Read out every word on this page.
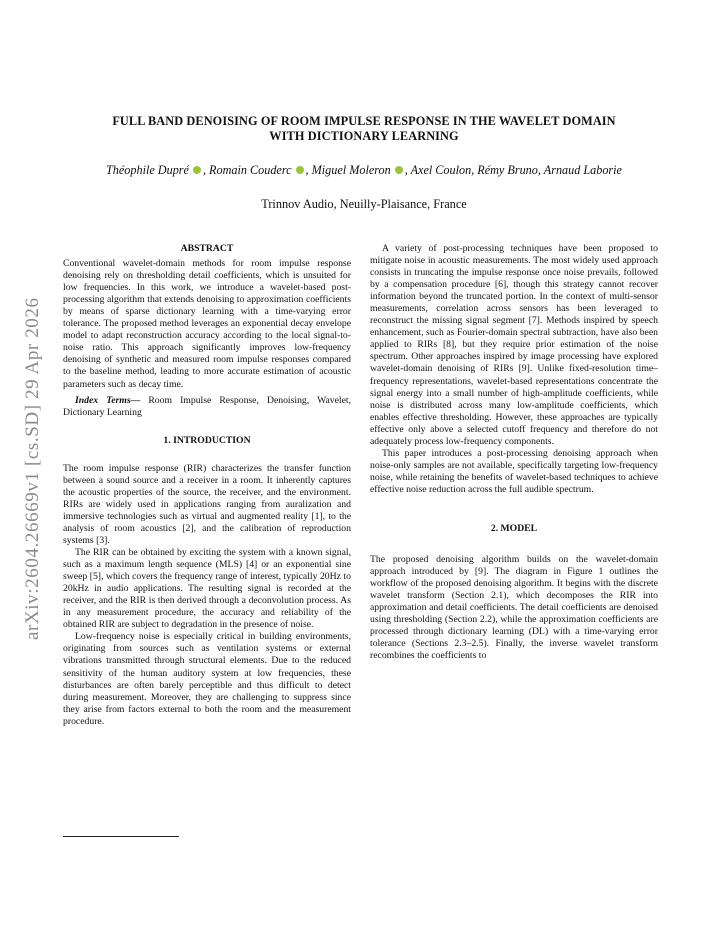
arXiv:2604.26669v1 [cs.SD] 29 Apr 2026
FULL BAND DENOISING OF ROOM IMPULSE RESPONSE IN THE WAVELET DOMAIN
WITH DICTIONARY LEARNING
Théophile Dupré , Romain Couderc , Miguel Moleron , Axel Coulon, Rémy Bruno, Arnaud Laborie
Trinnov Audio, Neuilly-Plaisance, France
ABSTRACT

Conventional wavelet-domain methods for room impulse response denoising rely on thresholding detail coefficients, which is unsuited for low frequencies. In this work, we introduce a wavelet-based post-processing algorithm that extends denoising to approximation coefficients by means of sparse dictionary learning with a time-varying error tolerance. The proposed method leverages an exponential decay envelope model to adapt reconstruction accuracy according to the local signal-to-noise ratio. This approach significantly improves low-frequency denoising of synthetic and measured room impulse responses compared to the baseline method, leading to more accurate estimation of acoustic parameters such as decay time.

Index Terms— Room Impulse Response, Denoising, Wavelet, Dictionary Learning

1. INTRODUCTION

The room impulse response (RIR) characterizes the transfer function between a sound source and a receiver in a room. It inherently captures the acoustic properties of the source, the receiver, and the environment. RIRs are widely used in applications ranging from auralization and immersive technologies such as virtual and augmented reality [1], to the analysis of room acoustics [2], and the calibration of reproduction systems [3].

The RIR can be obtained by exciting the system with a known signal, such as a maximum length sequence (MLS) [4] or an exponential sine sweep [5], which covers the frequency range of interest, typically 20Hz to 20kHz in audio applications. The resulting signal is recorded at the receiver, and the RIR is then derived through a deconvolution process. As in any measurement procedure, the accuracy and reliability of the obtained RIR are subject to degradation in the presence of noise.

Low-frequency noise is especially critical in building environments, originating from sources such as ventilation systems or external vibrations transmitted through structural elements. Due to the reduced sensitivity of the human auditory system at low frequencies, these disturbances are often barely perceptible and thus difficult to detect during measurement. Moreover, they are challenging to suppress since they arise from factors external to both the room and the measurement procedure.

A variety of post-processing techniques have been proposed to mitigate noise in acoustic measurements. The most widely used approach consists in truncating the impulse response once noise prevails, followed by a compensation procedure [6], though this strategy cannot recover information beyond the truncated portion. In the context of multi-sensor measurements, correlation across sensors has been leveraged to reconstruct the missing signal segment [7]. Methods inspired by speech enhancement, such as Fourier-domain spectral subtraction, have also been applied to RIRs [8], but they require prior estimation of the noise spectrum. Other approaches inspired by image processing have explored wavelet-domain denoising of RIRs [9]. Unlike fixed-resolution time–frequency representations, wavelet-based representations concentrate the signal energy into a small number of high-amplitude coefficients, while noise is distributed across many low-amplitude coefficients, which enables effective thresholding. However, these approaches are typically effective only above a selected cutoff frequency and therefore do not adequately process low-frequency components.

This paper introduces a post-processing denoising approach when noise-only samples are not available, specifically targeting low-frequency noise, while retaining the benefits of wavelet-based techniques to achieve effective noise reduction across the full audible spectrum.

2. MODEL

The proposed denoising algorithm builds on the wavelet-domain approach introduced by [9]. The diagram in Figure 1 outlines the workflow of the proposed denoising algorithm. It begins with the discrete wavelet transform (Section 2.1), which decomposes the RIR into approximation and detail coefficients. The detail coefficients are denoised using thresholding (Section 2.2), while the approximation coefficients are processed through dictionary learning (DL) with a time-varying error tolerance (Sections 2.3–2.5). Finally, the inverse wavelet transform recombines the coefficients to
